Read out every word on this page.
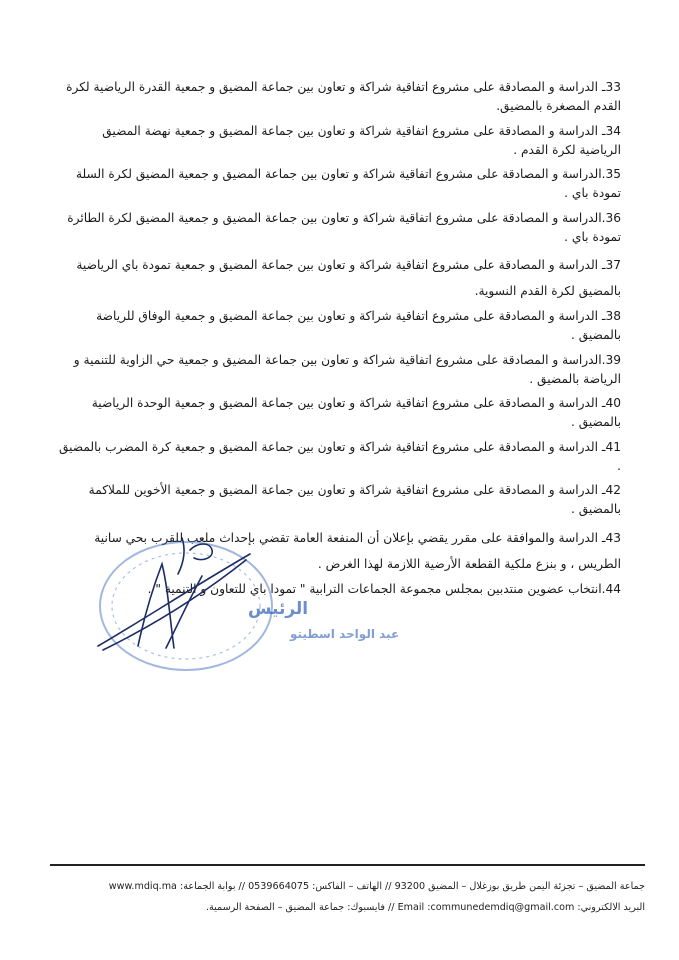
33ـ الدراسة و المصادقة على مشروع اتفاقية شراكة و تعاون بين جماعة المضيق و جمعية القدرة الرياضية لكرة القدم المصغرة بالمضيق.
34ـ الدراسة و المصادقة على مشروع اتفاقية شراكة و تعاون بين جماعة المضيق و جمعية نهضة المضيق الرياضية لكرة القدم .
35.الدراسة و المصادقة على مشروع اتفاقية شراكة و تعاون بين جماعة المضيق و جمعية المضيق لكرة السلة تمودة باي .
36.الدراسة و المصادقة على مشروع اتفاقية شراكة و تعاون بين جماعة المضيق و جمعية المضيق لكرة الطائرة تمودة باي .
37ـ الدراسة و المصادقة على مشروع اتفاقية شراكة و تعاون بين جماعة المضيق و جمعية تمودة باي الرياضية بالمضيق لكرة القدم النسوية.
38ـ الدراسة و المصادقة على مشروع اتفاقية شراكة و تعاون بين جماعة المضيق و جمعية الوفاق للرياضة بالمضيق .
39.الدراسة و المصادقة على مشروع اتفاقية شراكة و تعاون بين جماعة المضيق و جمعية حي الزاوية للتنمية و الرياضة بالمضيق .
40ـ الدراسة و المصادقة على مشروع اتفاقية شراكة و تعاون بين جماعة المضيق و جمعية الوحدة الرياضية بالمضيق .
41ـ الدراسة و المصادقة على مشروع اتفاقية شراكة و تعاون بين جماعة المضيق و جمعية كرة المضرب بالمضيق .
42ـ الدراسة و المصادقة على مشروع اتفاقية شراكة و تعاون بين جماعة المضيق و جمعية الأخوين للملاكمة بالمضيق .
43ـ الدراسة والموافقة على مقرر يقضي بإعلان أن المنفعة العامة تقضي بإحداث ملعب للقرب بحي سانية الطريس ، و بنزع ملكية القطعة الأرضية اللازمة لهذا الغرض .
44.انتخاب عضوين منتدبين بمجلس مجموعة الجماعات الترابية " تمودا باي للتعاون و التنمية " .
الرئيس
عبد الواحد اسطيتو
جماعة المضيق – تجزئة اليمن طريق بوزغلال – المضيق 93200 // الهاتف – الفاكس: 0539664075 // بوابة الجماعة: www.mdiq.ma
البريد الالكتروني: Email :communedemdiq@gmail.com // فايسبوك: جماعة المضيق – الصفحة الرسمية.
